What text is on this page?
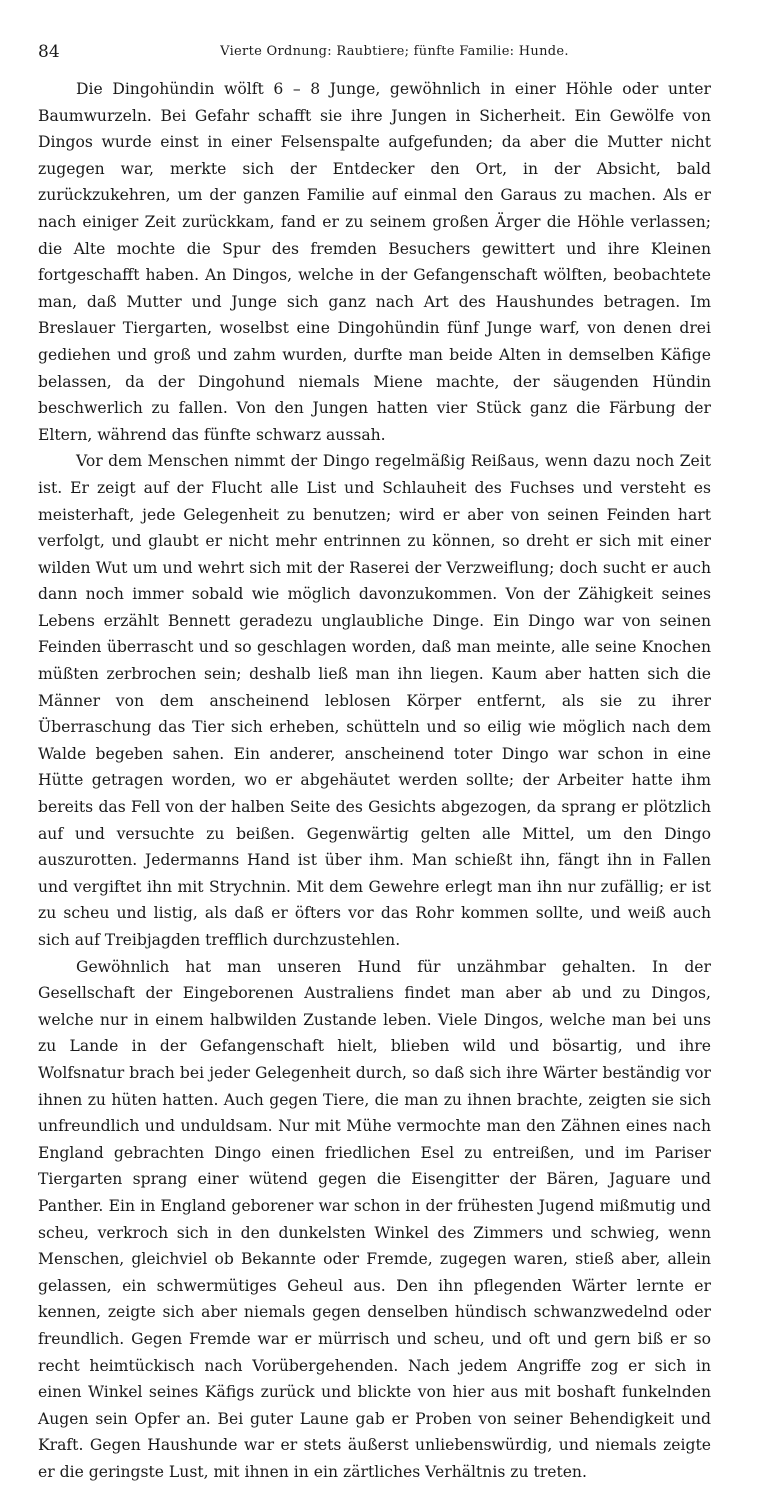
84	Vierte Ordnung: Raubtiere; fünfte Familie: Hunde.

Die Dingohündin wölft 6 – 8 Junge, gewöhnlich in einer Höhle oder unter Baumwurzeln. Bei Gefahr schafft sie ihre Jungen in Sicherheit. Ein Gewölfe von Dingos wurde einst in einer Felsenspalte aufgefunden; da aber die Mutter nicht zugegen war, merkte sich der Entdecker den Ort, in der Absicht, bald zurückzukehren, um der ganzen Familie auf einmal den Garaus zu machen. Als er nach einiger Zeit zurückkam, fand er zu seinem großen Ärger die Höhle verlassen; die Alte mochte die Spur des fremden Besuchers gewittert und ihre Kleinen fortgeschafft haben. An Dingos, welche in der Gefangenschaft wölften, beobachtete man, daß Mutter und Junge sich ganz nach Art des Haushundes betragen. Im Breslauer Tiergarten, woselbst eine Dingohündin fünf Junge warf, von denen drei gediehen und groß und zahm wurden, durfte man beide Alten in demselben Käfige belassen, da der Dingohund niemals Miene machte, der säugenden Hündin beschwerlich zu fallen. Von den Jungen hatten vier Stück ganz die Färbung der Eltern, während das fünfte schwarz aussah.

Vor dem Menschen nimmt der Dingo regelmäßig Reißaus, wenn dazu noch Zeit ist. Er zeigt auf der Flucht alle List und Schlauheit des Fuchses und versteht es meisterhaft, jede Gelegenheit zu benutzen; wird er aber von seinen Feinden hart verfolgt, und glaubt er nicht mehr entrinnen zu können, so dreht er sich mit einer wilden Wut um und wehrt sich mit der Raserei der Verzweiflung; doch sucht er auch dann noch immer sobald wie möglich davonzukommen. Von der Zähigkeit seines Lebens erzählt Bennett geradezu unglaubliche Dinge. Ein Dingo war von seinen Feinden überrascht und so geschlagen worden, daß man meinte, alle seine Knochen müßten zerbrochen sein; deshalb ließ man ihn liegen. Kaum aber hatten sich die Männer von dem anscheinend leblosen Körper entfernt, als sie zu ihrer Überraschung das Tier sich erheben, schütteln und so eilig wie möglich nach dem Walde begeben sahen. Ein anderer, anscheinend toter Dingo war schon in eine Hütte getragen worden, wo er abgehäutet werden sollte; der Arbeiter hatte ihm bereits das Fell von der halben Seite des Gesichts abgezogen, da sprang er plötzlich auf und versuchte zu beißen. Gegenwärtig gelten alle Mittel, um den Dingo auszurotten. Jedermanns Hand ist über ihm. Man schießt ihn, fängt ihn in Fallen und vergiftet ihn mit Strychnin. Mit dem Gewehre erlegt man ihn nur zufällig; er ist zu scheu und listig, als daß er öfters vor das Rohr kommen sollte, und weiß auch sich auf Treibjagden trefflich durchzustehlen.

Gewöhnlich hat man unseren Hund für unzähmbar gehalten. In der Gesellschaft der Eingeborenen Australiens findet man aber ab und zu Dingos, welche nur in einem halbwilden Zustande leben. Viele Dingos, welche man bei uns zu Lande in der Gefangenschaft hielt, blieben wild und bösartig, und ihre Wolfsnatur brach bei jeder Gelegenheit durch, so daß sich ihre Wärter beständig vor ihnen zu hüten hatten. Auch gegen Tiere, die man zu ihnen brachte, zeigten sie sich unfreundlich und unduldsam. Nur mit Mühe vermochte man den Zähnen eines nach England gebrachten Dingo einen friedlichen Esel zu entreißen, und im Pariser Tiergarten sprang einer wütend gegen die Eisengitter der Bären, Jaguare und Panther. Ein in England geborener war schon in der frühesten Jugend mißmutig und scheu, verkroch sich in den dunkelsten Winkel des Zimmers und schwieg, wenn Menschen, gleichviel ob Bekannte oder Fremde, zugegen waren, stieß aber, allein gelassen, ein schwermütiges Geheul aus. Den ihn pflegenden Wärter lernte er kennen, zeigte sich aber niemals gegen denselben hündisch schwanzwedelnd oder freundlich. Gegen Fremde war er mürrisch und scheu, und oft und gern biß er so recht heimtückisch nach Vorübergehenden. Nach jedem Angriffe zog er sich in einen Winkel seines Käfigs zurück und blickte von hier aus mit boshaft funkelnden Augen sein Opfer an. Bei guter Laune gab er Proben von seiner Behendigkeit und Kraft. Gegen Haushunde war er stets äußerst unliebenswürdig, und niemals zeigte er die geringste Lust, mit ihnen in ein zärtliches Verhältnis zu treten.
